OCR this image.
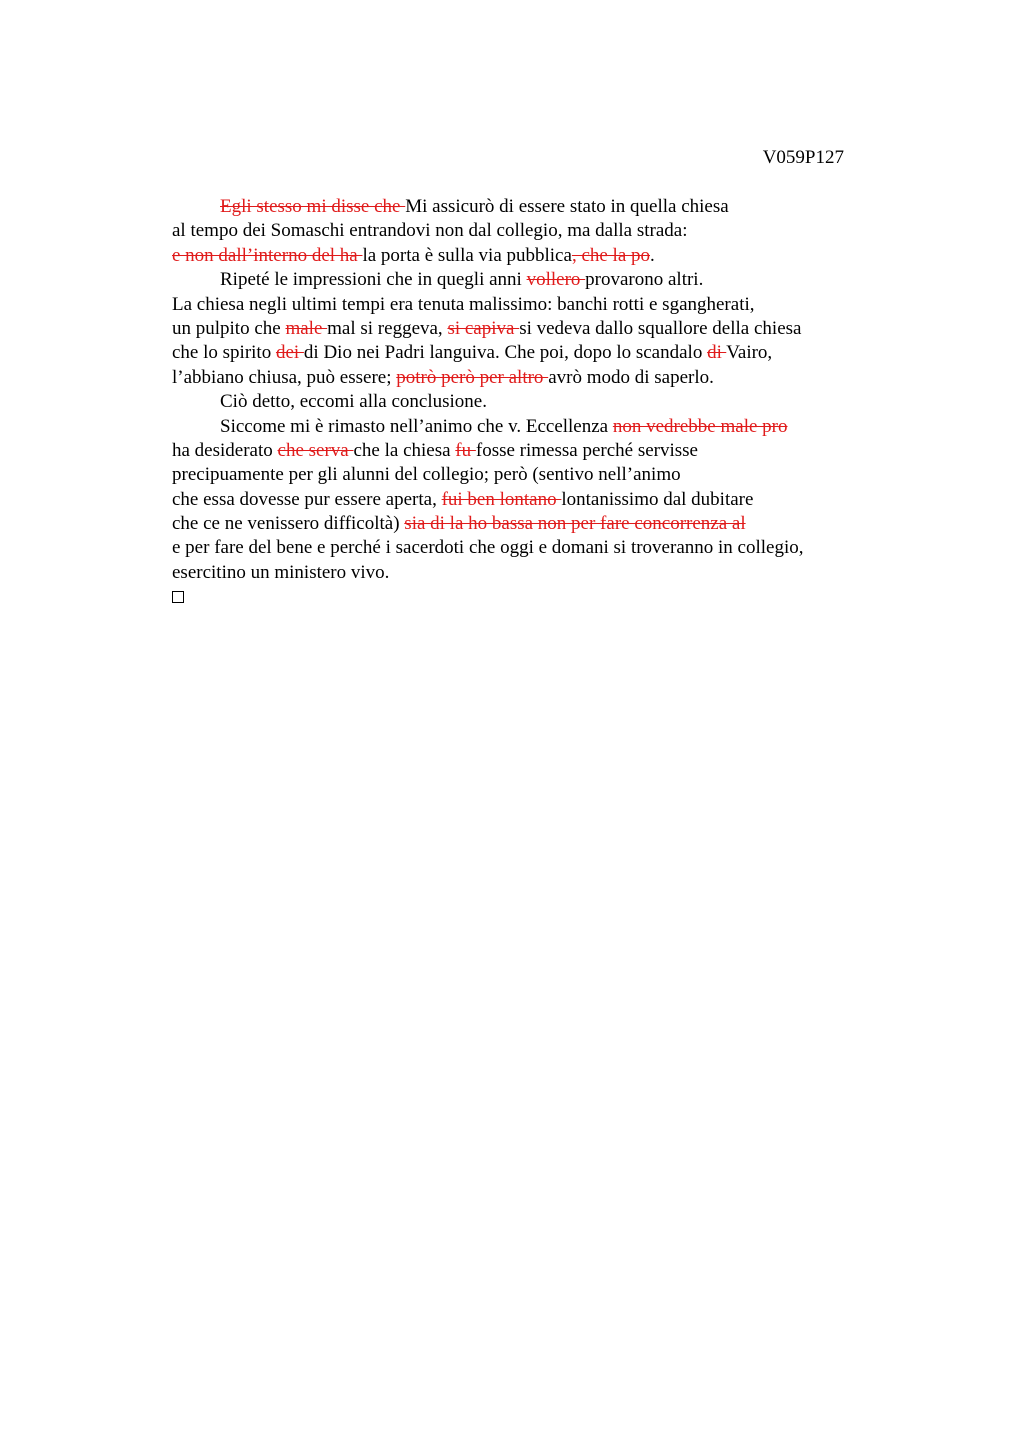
V059P127
Egli stesso mi disse che Mi assicurò di essere stato in quella chiesa
al tempo dei Somaschi entrandovi non dal collegio, ma dalla strada:
e non dall’interno del ha la porta è sulla via pubblica, che la po.
Ripeté le impressioni che in quegli anni vollero provarono altri.
La chiesa negli ultimi tempi era tenuta malissimo: banchi rotti e sgangherati,
un pulpito che male mal si reggeva, si capiva si vedeva dallo squallore della chiesa
che lo spirito dei di Dio nei Padri languiva. Che poi, dopo lo scandalo di Vairo,
l’abbiano chiusa, può essere; potrò però per altro avrò modo di saperlo.
Ciò detto, eccomi alla conclusione.
Siccome mi è rimasto nell’animo che v. Eccellenza non vedrebbe male pro
ha desiderato che serva che la chiesa fu fosse rimessa perché servisse
precipuamente per gli alunni del collegio; però (sentivo nell’animo
che essa dovesse pur essere aperta, fui ben lontano lontanissimo dal dubitare
che ce ne venissero difficoltà) sia di la ho bassa non per fare concorrenza al
e per fare del bene e perché i sacerdoti che oggi e domani si troveranno in collegio,
esercitino un ministero vivo.
